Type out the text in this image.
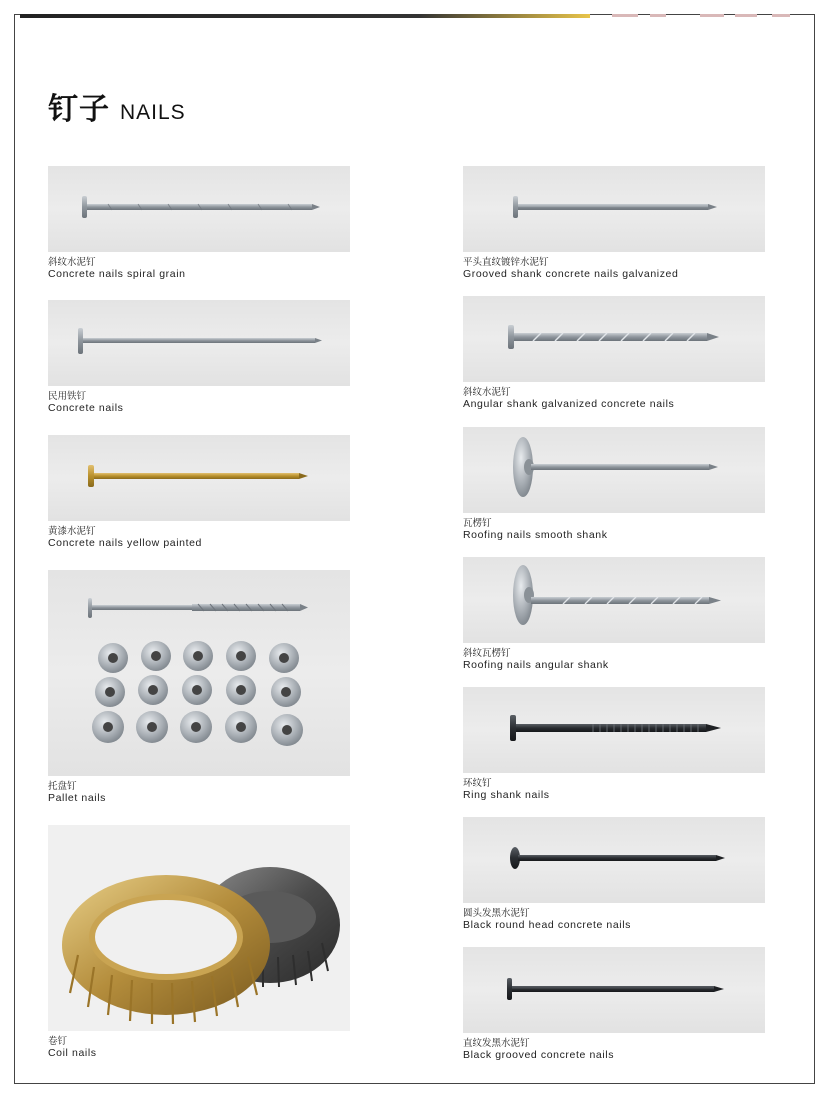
钉子 NAILS
斜纹水泥钉
Concrete nails spiral grain
民用铁钉
Concrete nails
黄漆水泥钉
Concrete nails yellow painted
托盘钉
Pallet nails
卷钉
Coil nails
平头直纹镀锌水泥钉
Grooved shank concrete nails galvanized
斜纹水泥钉
Angular shank galvanized concrete nails
瓦楞钉
Roofing nails smooth shank
斜纹瓦楞钉
Roofing nails angular shank
环纹钉
Ring shank nails
圆头发黑水泥钉
Black round head concrete nails
直纹发黑水泥钉
Black grooved concrete nails
